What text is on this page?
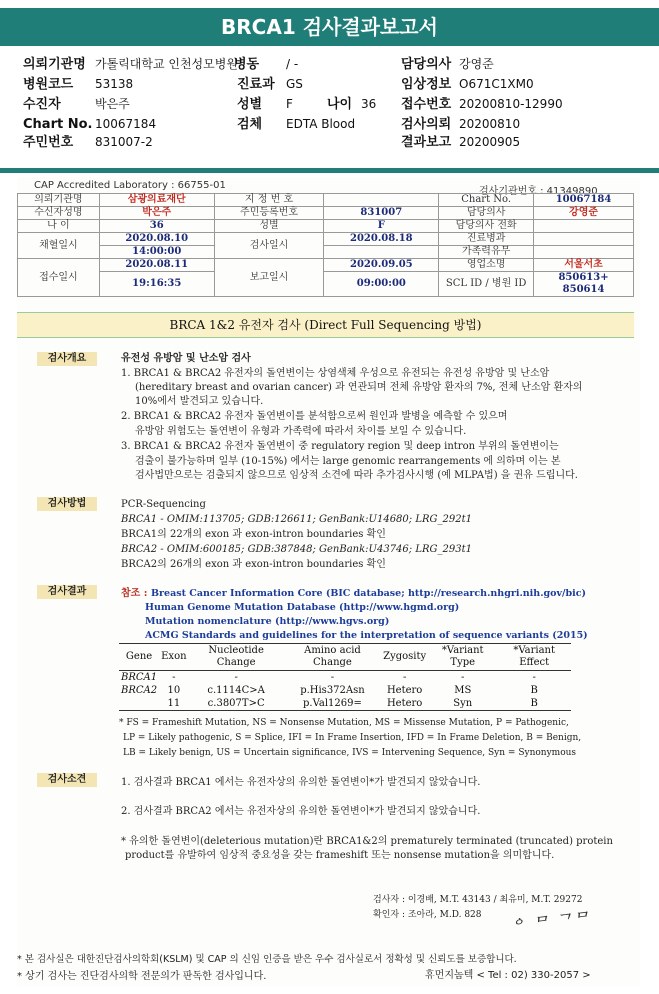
BRCA1 검사결과보고서
의뢰기관명 가톨릭대학교 인천성모병원
병동 / -	담당의사 강영준
병원코드 53138	진료과 GS	임상정보 O671C1XM0
수진자	박은주	성별 F	나이 36 접수번호 20200810-12990
Chart No. 10067184	검체 EDTA Blood	검사의뢰 20200810
주민번호 831007-2	결과보고 20200905
CAP Accredited Laboratory : 66755-01
검사기관번호 : 41349890
의뢰기관명	삼광의료재단	지 정 번 호		Chart No.	10067184
수신자성명	박은주	주민등록번호	831007	담당의사	강영준
나 이	36	성별	F	담당의사 전화	
채혈일시	2020.08.10	검사일시	2020.08.18	진료병과	
	14:00:00			가족력유무	
접수일시	2020.08.11	보고일시	2020.09.05	영업소명	서울서초
	19:16:35		09:00:00	SCL ID / 병원 ID	850613+ 850614
BRCA 1&2 유전자 검사 (Direct Full Sequencing 방법)
검사개요	유전성 유방암 및 난소암 검사
1. BRCA1 & BRCA2 유전자의 돌연변이는 상염색체 우성으로 유전되는 유전성 유방암 및 난소암
(hereditary breast and ovarian cancer) 과 연관되며 전체 유방암 환자의 7%, 전체 난소암 환자의
10%에서 발견되고 있습니다.
2. BRCA1 & BRCA2 유전자 돌연변이를 분석함으로써 원인과 발병을 예측할 수 있으며
유방암 위험도는 돌연변이 유형과 가족력에 따라서 차이를 보일 수 있습니다.
3. BRCA1 & BRCA2 유전자 돌연변이 중 regulatory region 및 deep intron 부위의 돌연변이는
검출이 불가능하며 일부 (10-15%) 에서는 large genomic rearrangements 에 의하며 이는 본
검사법만으로는 검출되지 않으므로 임상적 소견에 따라 추가검사시행 (예 MLPA법) 을 권유 드립니다.
검사방법	PCR-Sequencing
BRCA1 - OMIM:113705; GDB:126611; GenBank:U14680; LRG_292t1
BRCA1의 22개의 exon 과 exon-intron boundaries 확인
BRCA2 - OMIM:600185; GDB:387848; GenBank:U43746; LRG_293t1
BRCA2의 26개의 exon 과 exon-intron boundaries 확인
검사결과	참조 : Breast Cancer Information Core (BIC database; http://research.nhgri.nih.gov/bic)
Human Genome Mutation Database (http://www.hgmd.org)
Mutation nomenclature (http://www.hgvs.org)
ACMG Standards and guidelines for the interpretation of sequence variants (2015)
Gene	Exon	Nucleotide Change	Amino acid Change	Zygosity	*Variant Type	*Variant Effect
BRCA1	-	-	-	-	-	-
BRCA2	10	c.1114C>A	p.His372Asn	Hetero	MS	B
	11	c.3807T>C	p.Val1269=	Hetero	Syn	B
* FS = Frameshift Mutation, NS = Nonsense Mutation, MS = Missense Mutation, P = Pathogenic,
LP = Likely pathogenic, S = Splice, IFI = In Frame Insertion, IFD = In Frame Deletion, B = Benign,
LB = Likely benign, US = Uncertain significance, IVS = Intervening Sequence, Syn = Synonymous
검사소견	1. 검사결과 BRCA1 에서는 유전자상의 유의한 돌연변이*가 발견되지 않았습니다.
2. 검사결과 BRCA2 에서는 유전자상의 유의한 돌연변이*가 발견되지 않았습니다.
* 유의한 돌연변이(deleterious mutation)란 BRCA1&2의 prematurely terminated (truncated) protein
product를 유발하여 임상적 중요성을 갖는 frameshift 또는 nonsense mutation을 의미합니다.
검사자 : 이경배, M.T. 43143 / 최유미, M.T. 29272
확인자 : 조아라, M.D. 828 ᅌ ᄆ ᄀᄆ
* 본 검사실은 대한진단검사의학회(KSLM) 및 CAP 의 신임 인증을 받은 우수 검사실로서 정확성 및 신뢰도를 보증합니다.
* 상기 검사는 진단검사의학 전문의가 판독한 검사입니다.	휴먼지놈텍 < Tel : 02) 330-2057 >
